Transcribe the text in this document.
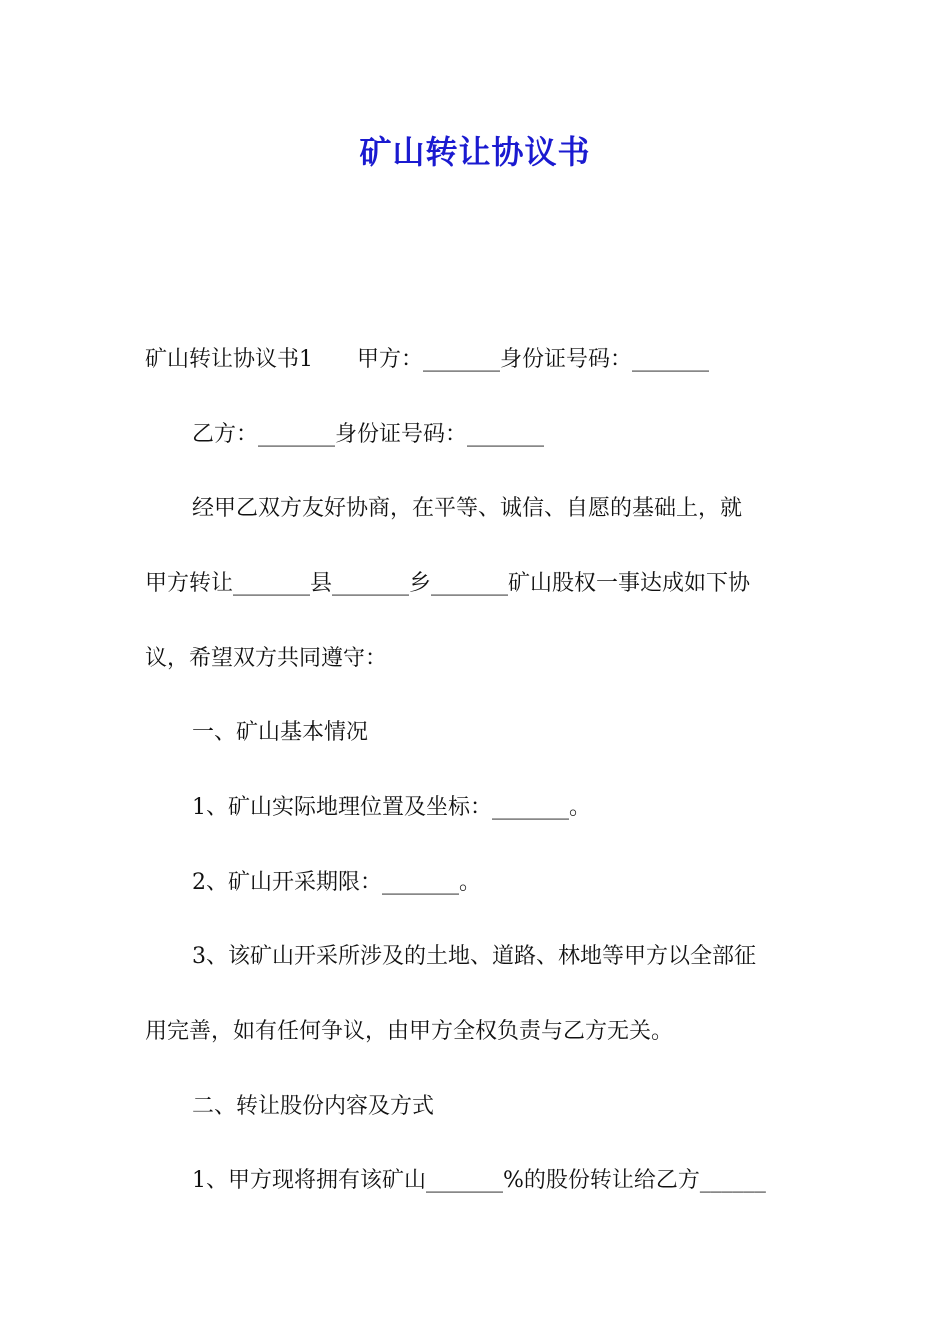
矿山转让协议书
矿山转让协议书1　　甲方：_______身份证号码：_______
乙方：_______身份证号码：_______
经甲乙双方友好协商，在平等、诚信、自愿的基础上，就
甲方转让_______县_______乡_______矿山股权一事达成如下协
议，希望双方共同遵守：
一、矿山基本情况
1、矿山实际地理位置及坐标：_______。
2、矿山开采期限：_______。
3、该矿山开采所涉及的土地、道路、林地等甲方以全部征
用完善，如有任何争议，由甲方全权负责与乙方无关。
二、转让股份内容及方式
1、甲方现将拥有该矿山_______%的股份转让给乙方______
